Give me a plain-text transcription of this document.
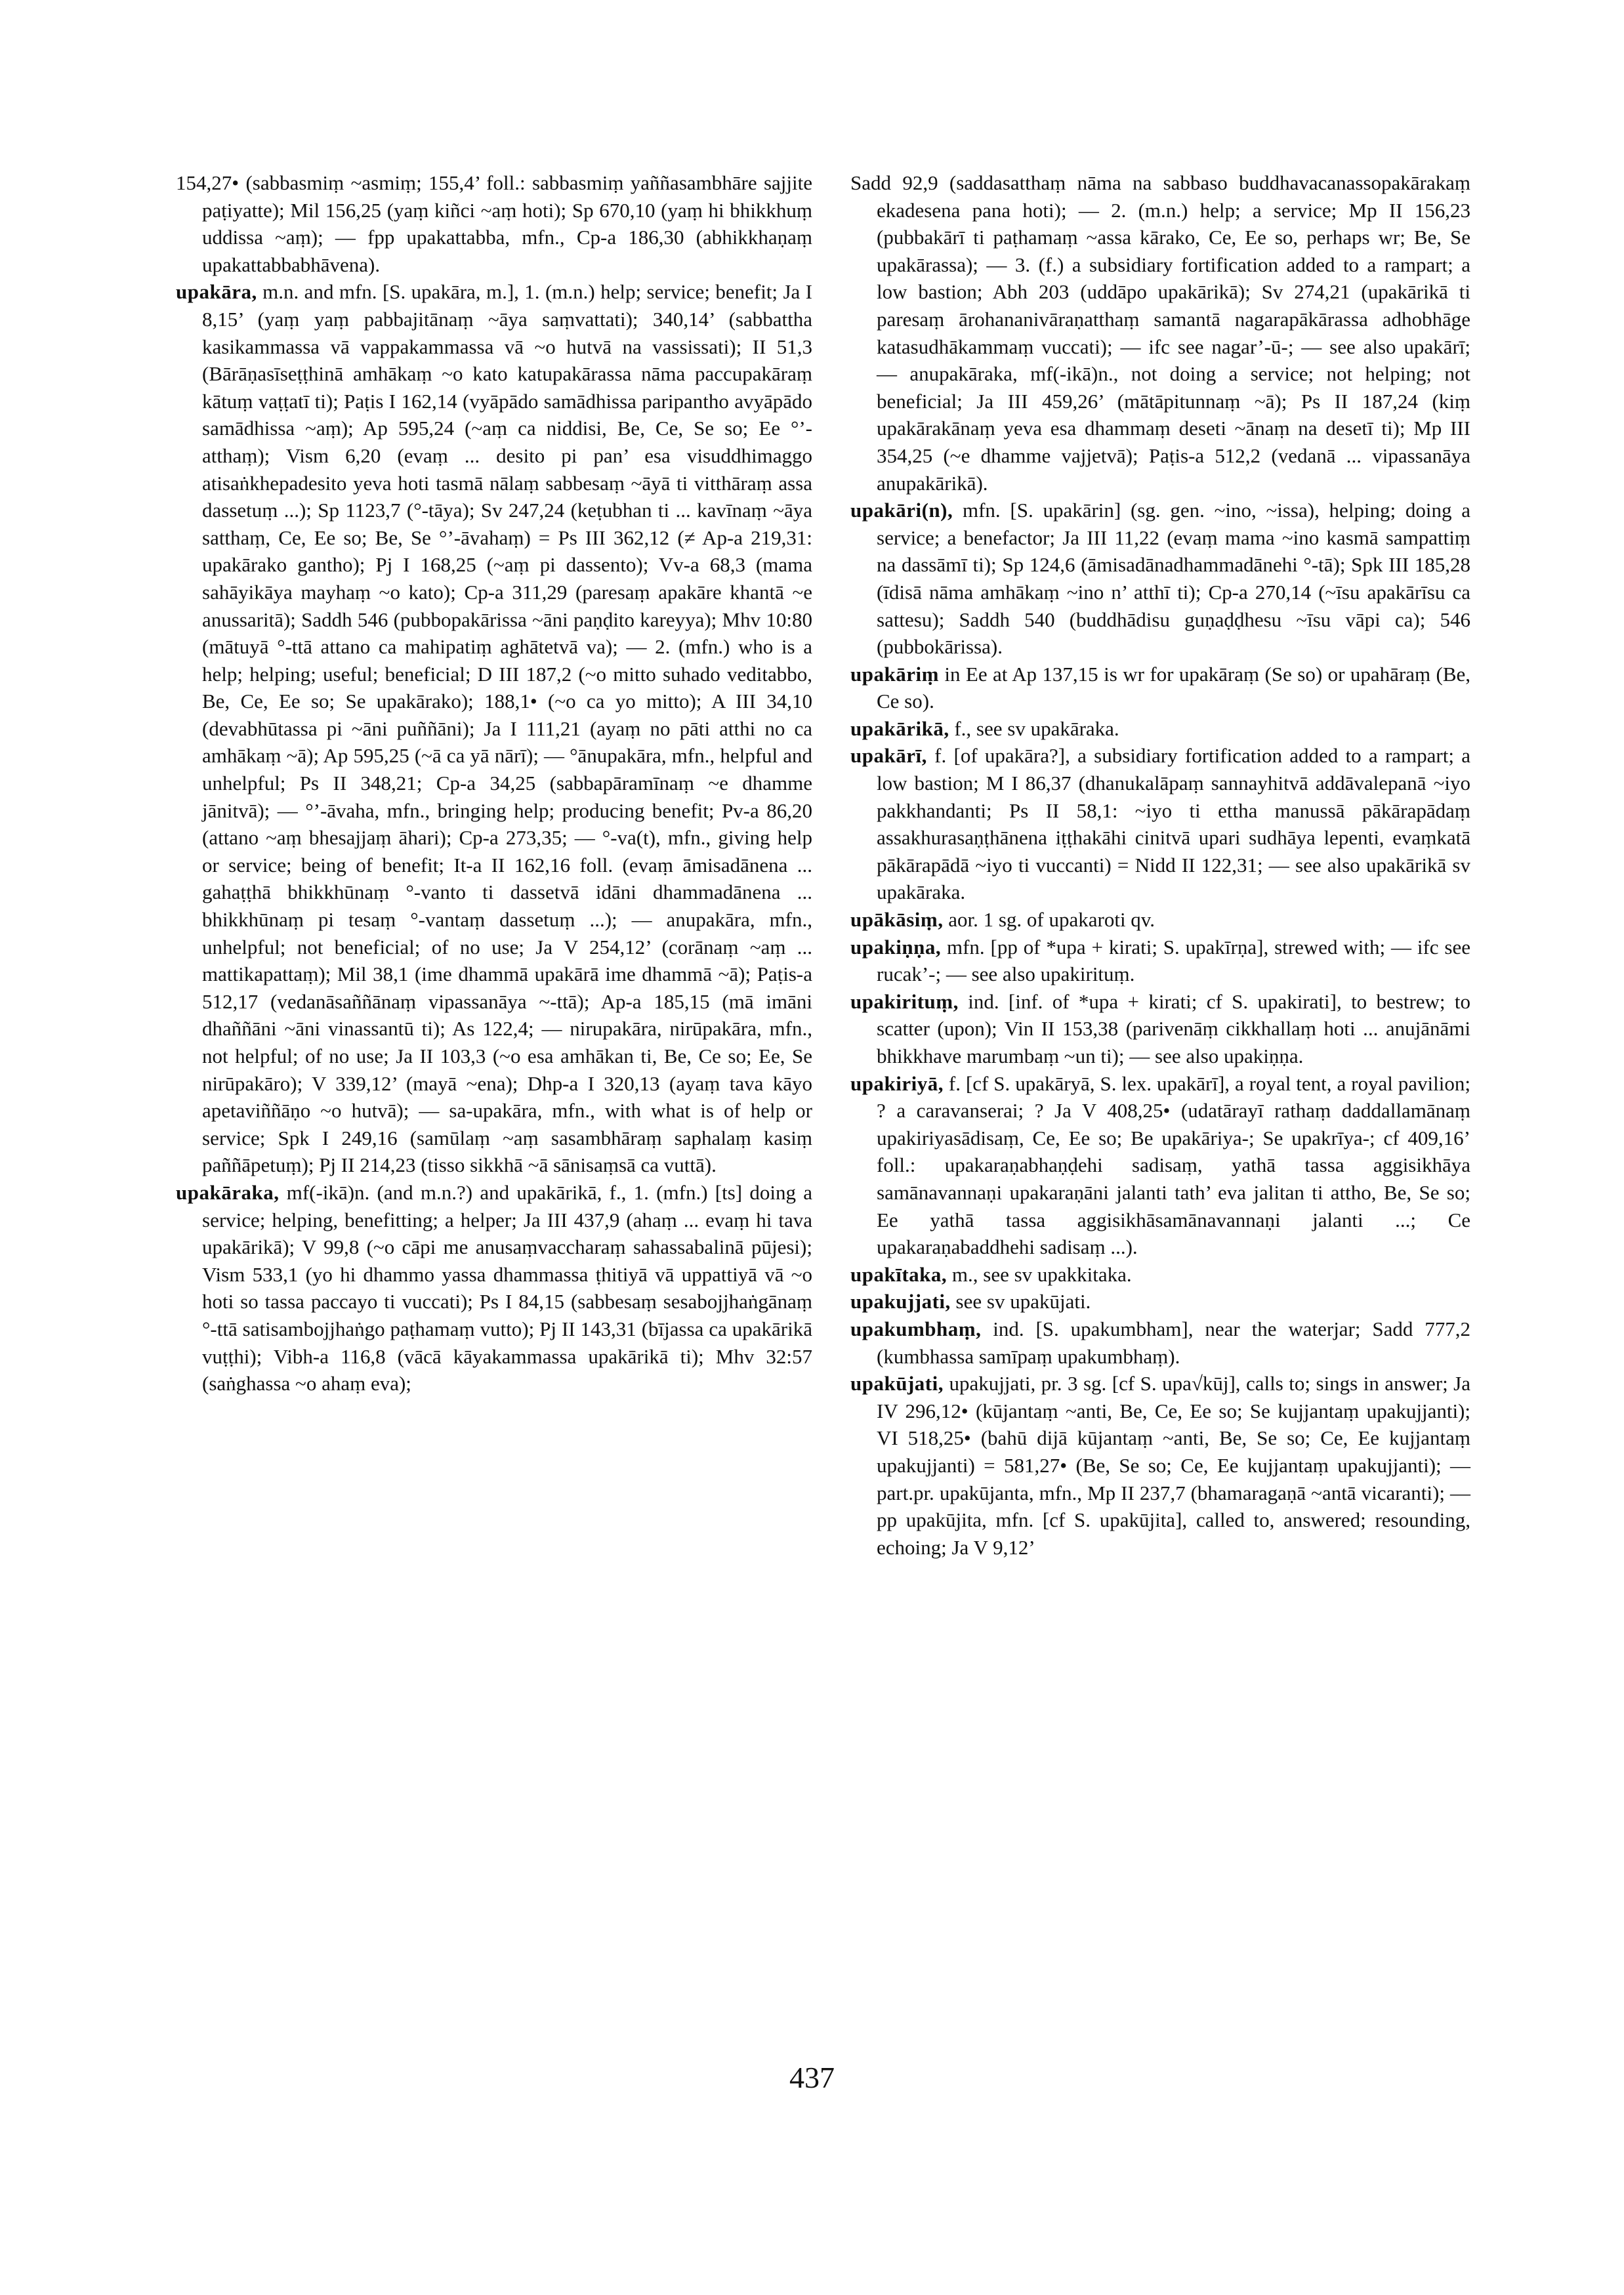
154,27• (sabbasmiṃ ~asmiṃ; 155,4’ foll.: sabbasmiṃ yaññasambhāre sajjite paṭiyatte); Mil 156,25 (yaṃ kiñci ~aṃ hoti); Sp 670,10 (yaṃ hi bhikkhuṃ uddissa ~aṃ); — fpp upakattabba, mfn., Cp-a 186,30 (abhikkhaṇaṃ upakattabbabhāvena).

upakāra, m.n. and mfn. [S. upakāra, m.], 1. (m.n.) help; service; benefit; Ja I 8,15’ (yaṃ yaṃ pabbajitānaṃ ~āya saṃvattati); 340,14’ (sabbattha kasikammassa vā vappakammassa vā ~o hutvā na vassissati); II 51,3 (Bārāṇasīseṭṭhinā amhākaṃ ~o kato katupakārassa nāma paccupakāraṃ kātuṃ vaṭṭatī ti); Paṭis I 162,14 (vyāpādo samādhissa paripantho avyāpādo samādhissa ~aṃ); Ap 595,24 (~aṃ ca niddisi, Be, Ce, Se so; Ee °’-atthaṃ); Vism 6,20 (evaṃ ... desito pi pan’ esa visuddhimaggo atisaṅkhepadesito yeva hoti tasmā nālaṃ sabbesaṃ ~āyā ti vitthāraṃ assa dassetuṃ ...); Sp 1123,7 (°-tāya); Sv 247,24 (keṭubhan ti ... kavīnaṃ ~āya satthaṃ, Ce, Ee so; Be, Se °’-āvahaṃ) = Ps III 362,12 (≠ Ap-a 219,31: upakārako gantho); Pj I 168,25 (~aṃ pi dassento); Vv-a 68,3 (mama sahāyikāya mayhaṃ ~o kato); Cp-a 311,29 (paresaṃ apakāre khantā ~e anussaritā); Saddh 546 (pubbopakārissa ~āni paṇḍito kareyya); Mhv 10:80 (mātuyā °-ttā attano ca mahipatiṃ aghātetvā va); — 2. (mfn.) who is a help; helping; useful; beneficial; D III 187,2 (~o mitto suhado veditabbo, Be, Ce, Ee so; Se upakārako); 188,1• (~o ca yo mitto); A III 34,10 (devabhūtassa pi ~āni puññāni); Ja I 111,21 (ayaṃ no pāti atthi no ca amhākaṃ ~ā); Ap 595,25 (~ā ca yā nārī); — °ānupakāra, mfn., helpful and unhelpful; Ps II 348,21; Cp-a 34,25 (sabbapāramīnaṃ ~e dhamme jānitvā); — °’-āvaha, mfn., bringing help; producing benefit; Pv-a 86,20 (attano ~aṃ bhesajjaṃ āhari); Cp-a 273,35; — °-va(t), mfn., giving help or service; being of benefit; It-a II 162,16 foll. (evaṃ āmisadānena ... gahaṭṭhā bhikkhūnaṃ °-vanto ti dassetvā idāni dhammadānena ... bhikkhūnaṃ pi tesaṃ °-vantaṃ dassetuṃ ...); — anupakāra, mfn., unhelpful; not beneficial; of no use; Ja V 254,12’ (corānaṃ ~aṃ ... mattikapattaṃ); Mil 38,1 (ime dhammā upakārā ime dhammā ~ā); Paṭis-a 512,17 (vedanāsaññānaṃ vipassanāya ~-ttā); Ap-a 185,15 (mā imāni dhaññāni ~āni vinassantū ti); As 122,4; — nirupakāra, nirūpakāra, mfn., not helpful; of no use; Ja II 103,3 (~o esa amhākan ti, Be, Ce so; Ee, Se nirūpakāro); V 339,12’ (mayā ~ena); Dhp-a I 320,13 (ayaṃ tava kāyo apetaviññāṇo ~o hutvā); — sa-upakāra, mfn., with what is of help or service; Spk I 249,16 (samūlaṃ ~aṃ sasambhāraṃ saphalaṃ kasiṃ paññāpetuṃ); Pj II 214,23 (tisso sikkhā ~ā sānisaṃsā ca vuttā).

upakāraka, mf(-ikā)n. (and m.n.?) and upakārikā, f., 1. (mfn.) [ts] doing a service; helping, benefitting; a helper; Ja III 437,9 (ahaṃ ... evaṃ hi tava upakārikā); V 99,8 (~o cāpi me anusaṃvaccharaṃ sahassabalinā pūjesi); Vism 533,1 (yo hi dhammo yassa dhammassa ṭhitiyā vā uppattiyā vā ~o hoti so tassa paccayo ti vuccati); Ps I 84,15 (sabbesaṃ sesabojjhaṅgānaṃ °-ttā satisambojjhaṅgo paṭhamaṃ vutto); Pj II 143,31 (bījassa ca upakārikā vuṭṭhi); Vibh-a 116,8 (vācā kāyakammassa upakārikā ti); Mhv 32:57 (saṅghassa ~o ahaṃ eva);

Sadd 92,9 (saddasatthaṃ nāma na sabbaso buddhavacanassopakārakaṃ ekadesena pana hoti); — 2. (m.n.) help; a service; Mp II 156,23 (pubbakārī ti paṭhamaṃ ~assa kārako, Ce, Ee so, perhaps wr; Be, Se upakārassa); — 3. (f.) a subsidiary fortification added to a rampart; a low bastion; Abh 203 (uddāpo upakārikā); Sv 274,21 (upakārikā ti paresaṃ ārohananivāraṇatthaṃ samantā nagarapākārassa adhobhāge katasudhākammaṃ vuccati); — ifc see nagar’-ū-; — see also upakārī; — anupakāraka, mf(-ikā)n., not doing a service; not helping; not beneficial; Ja III 459,26’ (mātāpitunnaṃ ~ā); Ps II 187,24 (kiṃ upakārakānaṃ yeva esa dhammaṃ deseti ~ānaṃ na desetī ti); Mp III 354,25 (~e dhamme vajjetvā); Paṭis-a 512,2 (vedanā ... vipassanāya anupakārikā).

upakāri(n), mfn. [S. upakārin] (sg. gen. ~ino, ~issa), helping; doing a service; a benefactor; Ja III 11,22 (evaṃ mama ~ino kasmā sampattiṃ na dassāmī ti); Sp 124,6 (āmisadānadhammadānehi °-tā); Spk III 185,28 (īdisā nāma amhākaṃ ~ino n’ atthī ti); Cp-a 270,14 (~īsu apakārīsu ca sattesu); Saddh 540 (buddhādisu guṇaḍḍhesu ~īsu vāpi ca); 546 (pubbokārissa).

upakāriṃ in Ee at Ap 137,15 is wr for upakāraṃ (Se so) or upahāraṃ (Be, Ce so).

upakārikā, f., see sv upakāraka.

upakārī, f. [of upakāra?], a subsidiary fortification added to a rampart; a low bastion; M I 86,37 (dhanukalāpaṃ sannayhitvā addāvalepanā ~iyo pakkhandanti; Ps II 58,1: ~iyo ti ettha manussā pākārapādaṃ assakhurasaṇṭhānena iṭṭhakāhi cinitvā upari sudhāya lepenti, evaṃkatā pākārapādā ~iyo ti vuccanti) = Nidd II 122,31; — see also upakārikā sv upakāraka.

upākāsiṃ, aor. 1 sg. of upakaroti qv.

upakiṇṇa, mfn. [pp of *upa + kirati; S. upakīrṇa], strewed with; — ifc see rucak’-; — see also upakirituṃ.

upakirituṃ, ind. [inf. of *upa + kirati; cf S. upakirati], to bestrew; to scatter (upon); Vin II 153,38 (parivenāṃ cikkhallaṃ hoti ... anujānāmi bhikkhave marumbaṃ ~un ti); — see also upakiṇṇa.

upakiriyā, f. [cf S. upakāryā, S. lex. upakārī], a royal tent, a royal pavilion; ? a caravanserai; ? Ja V 408,25• (udatārayī rathaṃ daddallamānaṃ upakiriyasādisaṃ, Ce, Ee so; Be upakāriya-; Se upakrīya-; cf 409,16’ foll.: upakaraṇabhaṇḍehi sadisaṃ, yathā tassa aggisikhāya samānavannaṇi upakaraṇāni jalanti tath’ eva jalitan ti attho, Be, Se so; Ee yathā tassa aggisikhāsamānavannaṇi jalanti ...; Ce upakaraṇabaddhehi sadisaṃ ...).

upakītaka, m., see sv upakkitaka.

upakujjati, see sv upakūjati.

upakumbhaṃ, ind. [S. upakumbham], near the waterjar; Sadd 777,2 (kumbhassa samīpaṃ upakumbhaṃ).

upakūjati, upakujjati, pr. 3 sg. [cf S. upa√kūj], calls to; sings in answer; Ja IV 296,12• (kūjantaṃ ~anti, Be, Ce, Ee so; Se kujjantaṃ upakujjanti); VI 518,25• (bahū dijā kūjantaṃ ~anti, Be, Se so; Ce, Ee kujjantaṃ upakujjanti) = 581,27• (Be, Se so; Ce, Ee kujjantaṃ upakujjanti); — part.pr. upakūjanta, mfn., Mp II 237,7 (bhamaragaṇā ~antā vicaranti); — pp upakūjita, mfn. [cf S. upakūjita], called to, answered; resounding, echoing; Ja V 9,12’

437
